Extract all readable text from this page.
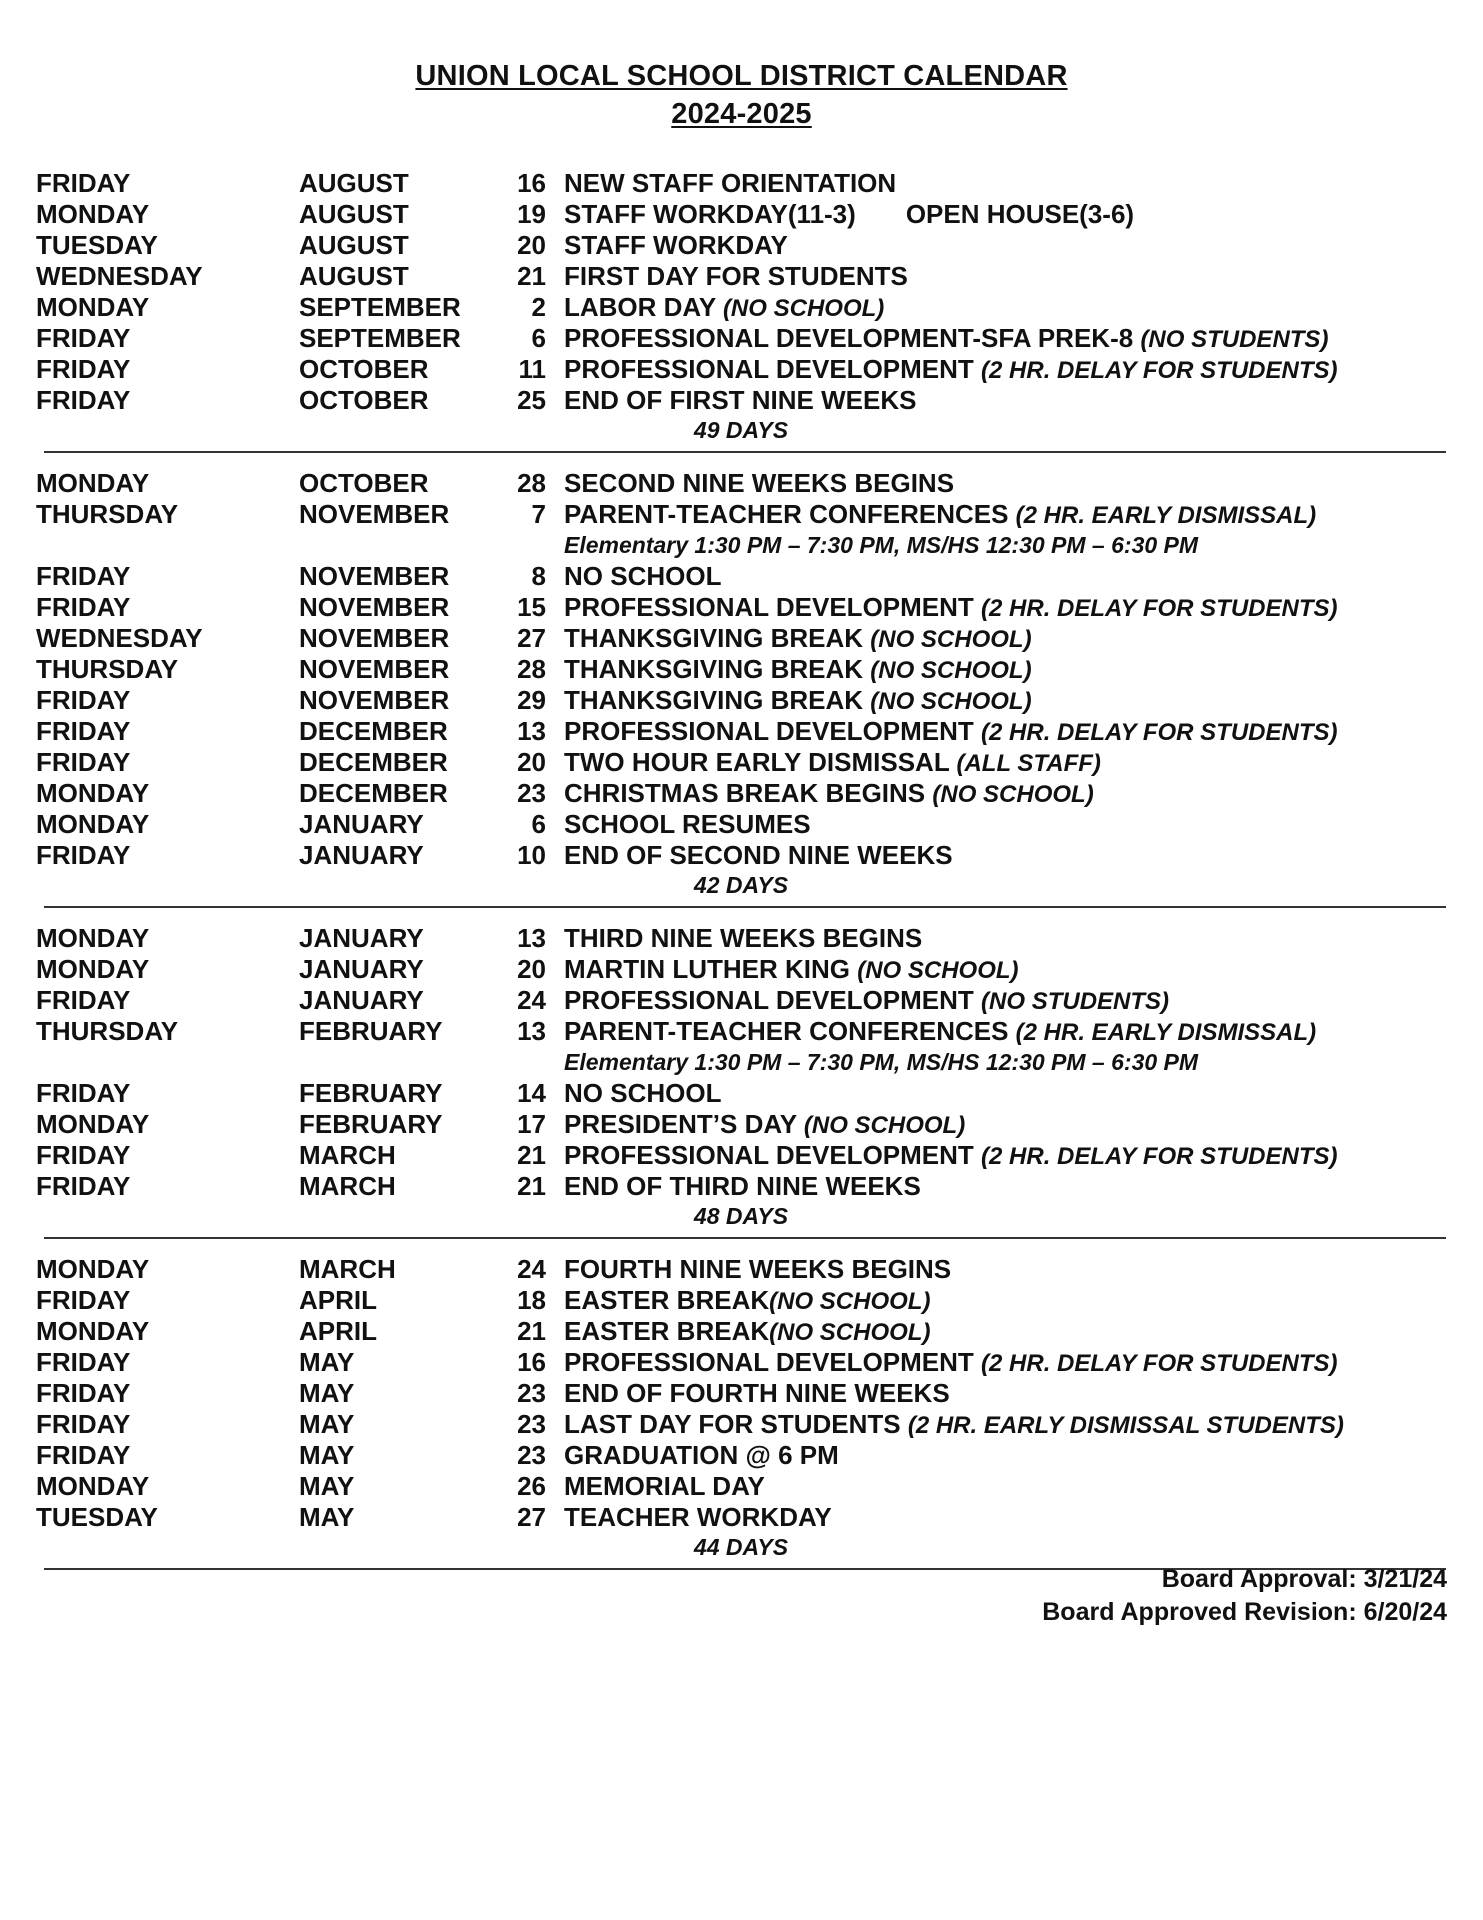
UNION LOCAL SCHOOL DISTRICT CALENDAR
2024-2025
FRIDAY	AUGUST	16 NEW STAFF ORIENTATION
MONDAY	AUGUST	19 STAFF WORKDAY(11-3) OPEN HOUSE(3-6)
TUESDAY	AUGUST	20 STAFF WORKDAY
WEDNESDAY	AUGUST	21 FIRST DAY FOR STUDENTS
MONDAY	SEPTEMBER	2 LABOR DAY (NO SCHOOL)
FRIDAY	SEPTEMBER	6 PROFESSIONAL DEVELOPMENT-SFA PREK-8 (NO STUDENTS)
FRIDAY	OCTOBER	11 PROFESSIONAL DEVELOPMENT (2 HR. DELAY FOR STUDENTS)
FRIDAY	OCTOBER	25 END OF FIRST NINE WEEKS
49 DAYS
MONDAY	OCTOBER	28 SECOND NINE WEEKS BEGINS
THURSDAY	NOVEMBER	7 PARENT-TEACHER CONFERENCES (2 HR. EARLY DISMISSAL)
Elementary 1:30 PM – 7:30 PM, MS/HS 12:30 PM – 6:30 PM
FRIDAY	NOVEMBER	8 NO SCHOOL
FRIDAY	NOVEMBER	15 PROFESSIONAL DEVELOPMENT (2 HR. DELAY FOR STUDENTS)
WEDNESDAY	NOVEMBER	27 THANKSGIVING BREAK (NO SCHOOL)
THURSDAY	NOVEMBER	28 THANKSGIVING BREAK (NO SCHOOL)
FRIDAY	NOVEMBER	29 THANKSGIVING BREAK (NO SCHOOL)
FRIDAY	DECEMBER	13 PROFESSIONAL DEVELOPMENT (2 HR. DELAY FOR STUDENTS)
FRIDAY	DECEMBER	20 TWO HOUR EARLY DISMISSAL (ALL STAFF)
MONDAY	DECEMBER	23 CHRISTMAS BREAK BEGINS (NO SCHOOL)
MONDAY	JANUARY	6 SCHOOL RESUMES
FRIDAY	JANUARY	10 END OF SECOND NINE WEEKS
42 DAYS
MONDAY	JANUARY	13 THIRD NINE WEEKS BEGINS
MONDAY	JANUARY	20 MARTIN LUTHER KING (NO SCHOOL)
FRIDAY	JANUARY	24 PROFESSIONAL DEVELOPMENT (NO STUDENTS)
THURSDAY	FEBRUARY	13 PARENT-TEACHER CONFERENCES (2 HR. EARLY DISMISSAL)
Elementary 1:30 PM – 7:30 PM, MS/HS 12:30 PM – 6:30 PM
FRIDAY	FEBRUARY	14 NO SCHOOL
MONDAY	FEBRUARY	17 PRESIDENT’S DAY (NO SCHOOL)
FRIDAY	MARCH	21 PROFESSIONAL DEVELOPMENT (2 HR. DELAY FOR STUDENTS)
FRIDAY	MARCH	21 END OF THIRD NINE WEEKS
48 DAYS
MONDAY	MARCH	24 FOURTH NINE WEEKS BEGINS
FRIDAY	APRIL	18 EASTER BREAK(NO SCHOOL)
MONDAY	APRIL	21 EASTER BREAK(NO SCHOOL)
FRIDAY	MAY	16 PROFESSIONAL DEVELOPMENT (2 HR. DELAY FOR STUDENTS)
FRIDAY	MAY	23 END OF FOURTH NINE WEEKS
FRIDAY	MAY	23 LAST DAY FOR STUDENTS (2 HR. EARLY DISMISSAL STUDENTS)
FRIDAY	MAY	23 GRADUATION @ 6 PM
MONDAY	MAY	26 MEMORIAL DAY
TUESDAY	MAY	27 TEACHER WORKDAY
44 DAYS
Board Approval: 3/21/24
Board Approved Revision: 6/20/24
